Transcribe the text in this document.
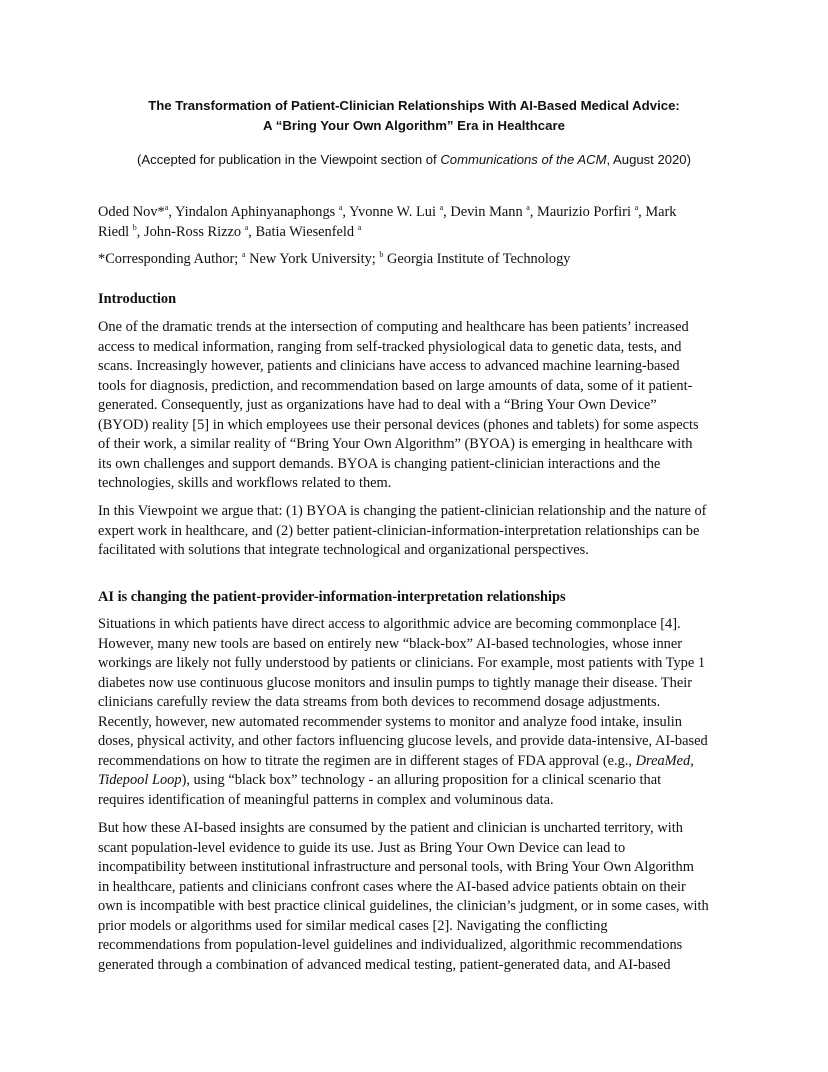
The Transformation of Patient-Clinician Relationships With AI-Based Medical Advice:
A “Bring Your Own Algorithm” Era in Healthcare
(Accepted for publication in the Viewpoint section of Communications of the ACM, August 2020)
Oded Nov*$^a$, Yindalon Aphinyanaphongs $^a$, Yvonne W. Lui $^a$, Devin Mann $^a$, Maurizio Porfiri $^a$, Mark
Riedl $^b$, John-Ross Rizzo $^a$, Batia Wiesenfeld $^a$
*Corresponding Author; $^a$ New York University; $^b$ Georgia Institute of Technology
Introduction
One of the dramatic trends at the intersection of computing and healthcare has been patients’ increased
access to medical information, ranging from self-tracked physiological data to genetic data, tests, and
scans. Increasingly however, patients and clinicians have access to advanced machine learning-based
tools for diagnosis, prediction, and recommendation based on large amounts of data, some of it patient-
generated. Consequently, just as organizations have had to deal with a “Bring Your Own Device”
(BYOD) reality [5] in which employees use their personal devices (phones and tablets) for some aspects
of their work, a similar reality of “Bring Your Own Algorithm” (BYOA) is emerging in healthcare with
its own challenges and support demands. BYOA is changing patient-clinician interactions and the
technologies, skills and workflows related to them.
In this Viewpoint we argue that: (1) BYOA is changing the patient-clinician relationship and the nature of
expert work in healthcare, and (2) better patient-clinician-information-interpretation relationships can be
facilitated with solutions that integrate technological and organizational perspectives.
AI is changing the patient-provider-information-interpretation relationships
Situations in which patients have direct access to algorithmic advice are becoming commonplace [4].
However, many new tools are based on entirely new “black-box” AI-based technologies, whose inner
workings are likely not fully understood by patients or clinicians. For example, most patients with Type 1
diabetes now use continuous glucose monitors and insulin pumps to tightly manage their disease. Their
clinicians carefully review the data streams from both devices to recommend dosage adjustments.
Recently, however, new automated recommender systems to monitor and analyze food intake, insulin
doses, physical activity, and other factors influencing glucose levels, and provide data-intensive, AI-based
recommendations on how to titrate the regimen are in different stages of FDA approval (e.g., DreaMed,
Tidepool Loop), using “black box” technology - an alluring proposition for a clinical scenario that
requires identification of meaningful patterns in complex and voluminous data.
But how these AI-based insights are consumed by the patient and clinician is uncharted territory, with
scant population-level evidence to guide its use. Just as Bring Your Own Device can lead to
incompatibility between institutional infrastructure and personal tools, with Bring Your Own Algorithm
in healthcare, patients and clinicians confront cases where the AI-based advice patients obtain on their
own is incompatible with best practice clinical guidelines, the clinician’s judgment, or in some cases, with
prior models or algorithms used for similar medical cases [2]. Navigating the conflicting
recommendations from population-level guidelines and individualized, algorithmic recommendations
generated through a combination of advanced medical testing, patient-generated data, and AI-based
